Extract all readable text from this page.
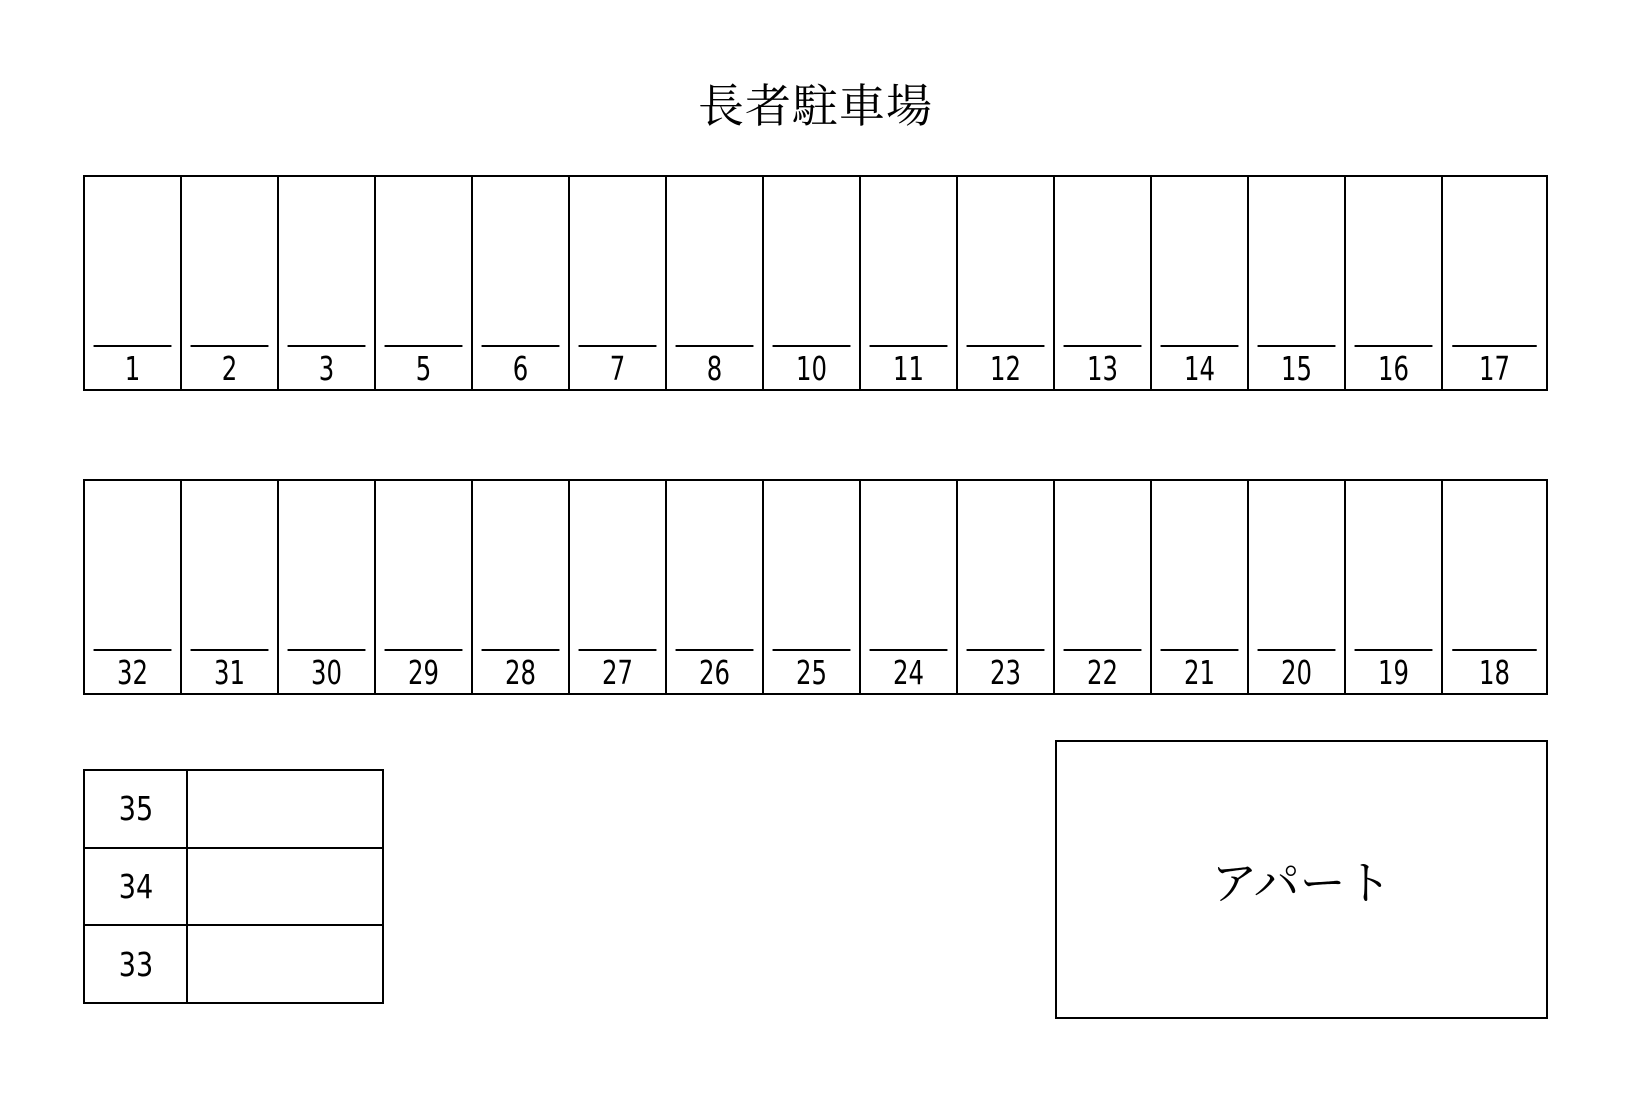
長者駐車場
1	2	3	5	6	7	8	10	11	12	13	14	15	16	17
32	31	30	29	28	27	26	25	24	23	22	21	20	19	18
35
34
33
アパート
